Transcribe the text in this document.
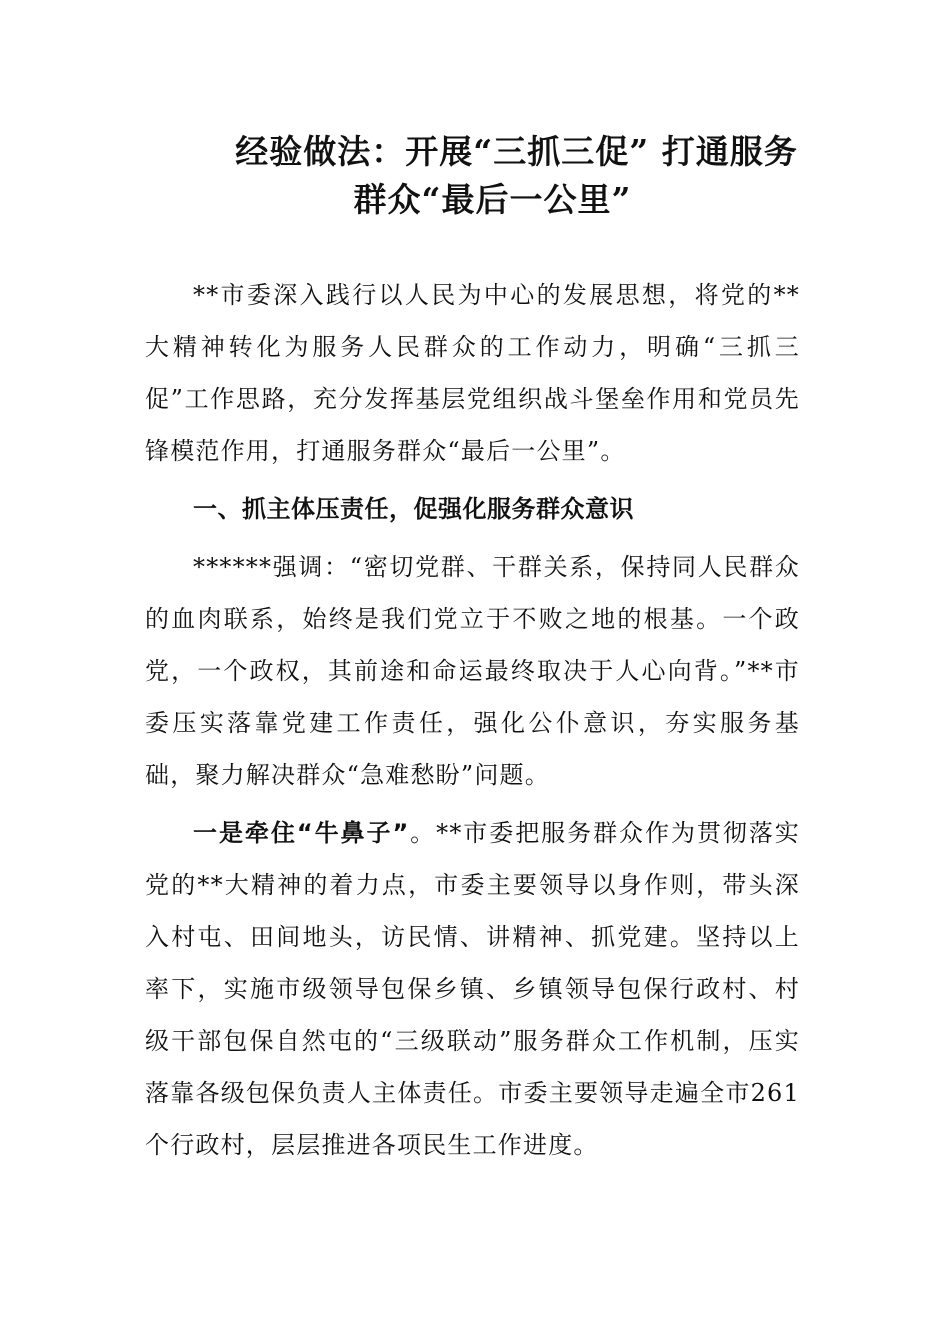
经验做法：开展“三抓三促” 打通服务
群众“最后一公里”

**市委深入践行以人民为中心的发展思想，将党的**大精神转化为服务人民群众的工作动力，明确“三抓三促”工作思路，充分发挥基层党组织战斗堡垒作用和党员先锋模范作用，打通服务群众“最后一公里”。

一、抓主体压责任，促强化服务群众意识

******强调：“密切党群、干群关系，保持同人民群众的血肉联系，始终是我们党立于不败之地的根基。一个政党，一个政权，其前途和命运最终取决于人心向背。”**市委压实落靠党建工作责任，强化公仆意识，夯实服务基础，聚力解决群众“急难愁盼”问题。

一是牵住“牛鼻子”。**市委把服务群众作为贯彻落实党的**大精神的着力点，市委主要领导以身作则，带头深入村屯、田间地头，访民情、讲精神、抓党建。坚持以上率下，实施市级领导包保乡镇、乡镇领导包保行政村、村级干部包保自然屯的“三级联动”服务群众工作机制，压实落靠各级包保负责人主体责任。市委主要领导走遍全市261个行政村，层层推进各项民生工作进度。
